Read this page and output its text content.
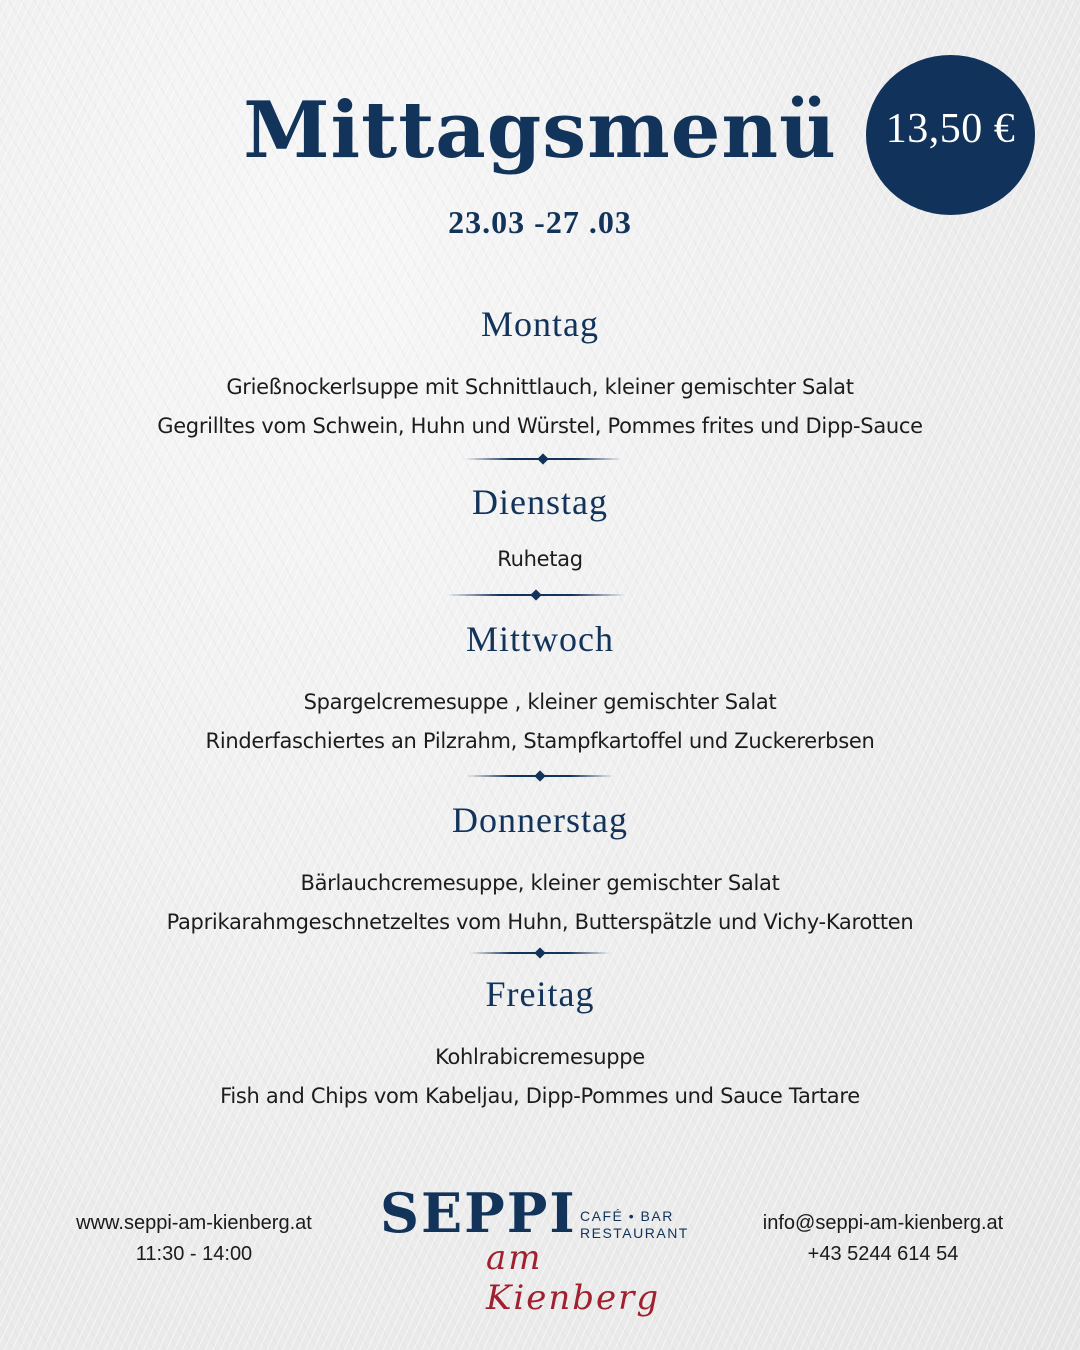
Mittagsmenü
23.03 -27 .03
13,50 €
Montag
Grießnockerlsuppe mit Schnittlauch, kleiner gemischter Salat
Gegrilltes vom Schwein, Huhn und Würstel, Pommes frites und Dipp-Sauce
Dienstag
Ruhetag
Mittwoch
Spargelcremesuppe , kleiner gemischter Salat
Rinderfaschiertes an Pilzrahm, Stampfkartoffel und Zuckererbsen
Donnerstag
Bärlauchcremesuppe, kleiner gemischter Salat
Paprikarahmgeschnetzeltes vom Huhn, Butterspätzle und Vichy-Karotten
Freitag
Kohlrabicremesuppe
Fish and Chips vom Kabeljau, Dipp-Pommes und Sauce Tartare
www.seppi-am-kienberg.at
11:30 - 14:00
SEPPI CAFÉ • BAR
RESTAURANT
am Kienberg
info@seppi-am-kienberg.at
+43 5244 614 54
